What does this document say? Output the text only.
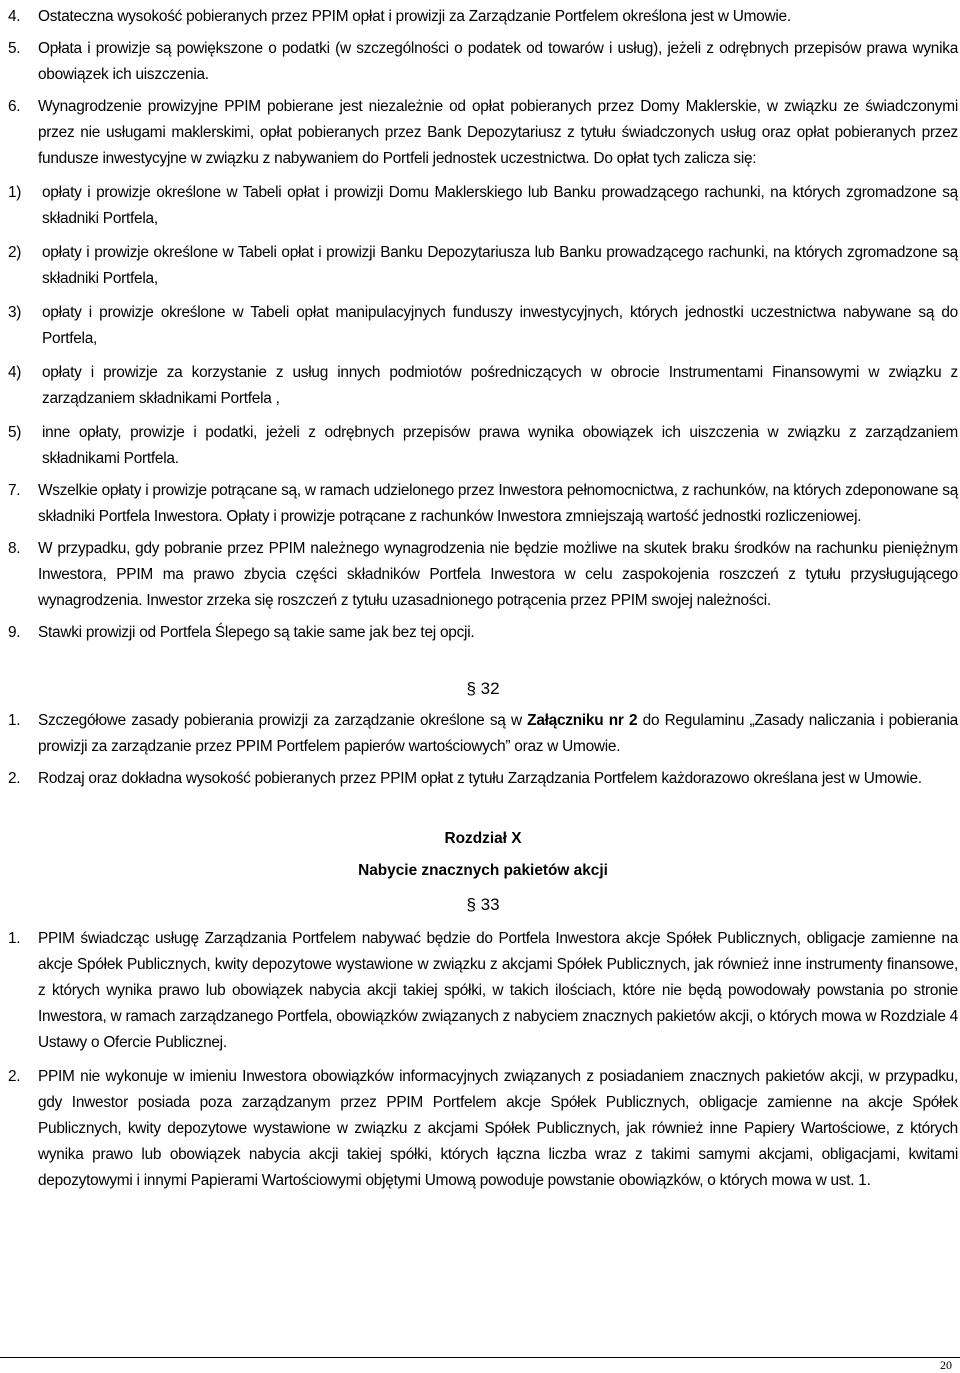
4.	Ostateczna wysokość pobieranych przez PPIM opłat i prowizji za Zarządzanie Portfelem określona jest w Umowie.
5.	Opłata i prowizje są powiększone o podatki (w szczególności o podatek od towarów i usług), jeżeli z odrębnych przepisów prawa wynika obowiązek ich uiszczenia.
6.	Wynagrodzenie prowizyjne PPIM pobierane jest niezależnie od opłat pobieranych przez Domy Maklerskie, w związku ze świadczonymi przez nie usługami maklerskimi, opłat pobieranych przez Bank Depozytariusz z tytułu świadczonych usług oraz opłat pobieranych przez fundusze inwestycyjne w związku z nabywaniem do Portfeli jednostek uczestnictwa. Do opłat tych zalicza się:
1)	opłaty i prowizje określone w Tabeli opłat i prowizji Domu Maklerskiego lub Banku prowadzącego rachunki, na których zgromadzone są składniki Portfela,
2)	opłaty i prowizje określone w Tabeli opłat i prowizji Banku Depozytariusza lub Banku prowadzącego rachunki, na których zgromadzone są składniki Portfela,
3)	opłaty i prowizje określone w Tabeli opłat manipulacyjnych funduszy inwestycyjnych, których jednostki uczestnictwa nabywane są do Portfela,
4)	opłaty i prowizje za korzystanie z usług innych podmiotów pośredniczących w obrocie Instrumentami Finansowymi w związku z zarządzaniem składnikami Portfela ,
5)	inne opłaty, prowizje i podatki, jeżeli z odrębnych przepisów prawa wynika obowiązek ich uiszczenia w związku z zarządzaniem składnikami Portfela.
7.	Wszelkie opłaty i prowizje potrącane są, w ramach udzielonego przez Inwestora pełnomocnictwa, z rachunków, na których zdeponowane są składniki Portfela Inwestora. Opłaty i prowizje potrącane z rachunków Inwestora zmniejszają wartość jednostki rozliczeniowej.
8.	W przypadku, gdy pobranie przez PPIM należnego wynagrodzenia nie będzie możliwe na skutek braku środków na rachunku pieniężnym Inwestora, PPIM ma prawo zbycia części składników Portfela Inwestora w celu zaspokojenia roszczeń z tytułu przysługującego wynagrodzenia. Inwestor zrzeka się roszczeń z tytułu uzasadnionego potrącenia przez PPIM swojej należności.
9.	Stawki prowizji od Portfela Ślepego są takie same jak bez tej opcji.
§ 32
1.	Szczegółowe zasady pobierania prowizji za zarządzanie określone są w Załączniku nr 2 do Regulaminu „Zasady naliczania i pobierania prowizji za zarządzanie przez PPIM Portfelem papierów wartościowych” oraz w Umowie.
2.	Rodzaj oraz dokładna wysokość pobieranych przez PPIM opłat z tytułu Zarządzania Portfelem każdorazowo określana jest w Umowie.
Rozdział X
Nabycie znacznych pakietów akcji
§ 33
1.	PPIM świadcząc usługę Zarządzania Portfelem nabywać będzie do Portfela Inwestora akcje Spółek Publicznych, obligacje zamienne na akcje Spółek Publicznych, kwity depozytowe wystawione w związku z akcjami Spółek Publicznych, jak również inne instrumenty finansowe, z których wynika prawo lub obowiązek nabycia akcji takiej spółki, w takich ilościach, które nie będą powodowały powstania po stronie Inwestora, w ramach zarządzanego Portfela, obowiązków związanych z nabyciem znacznych pakietów akcji, o których mowa w Rozdziale 4 Ustawy o Ofercie Publicznej.
2.	PPIM nie wykonuje w imieniu Inwestora obowiązków informacyjnych związanych z posiadaniem znacznych pakietów akcji, w przypadku, gdy Inwestor posiada poza zarządzanym przez PPIM Portfelem akcje Spółek Publicznych, obligacje zamienne na akcje Spółek Publicznych, kwity depozytowe wystawione w związku z akcjami Spółek Publicznych, jak również inne Papiery Wartościowe, z których wynika prawo lub obowiązek nabycia akcji takiej spółki, których łączna liczba wraz z takimi samymi akcjami, obligacjami, kwitami depozytowymi i innymi Papierami Wartościowymi objętymi Umową powoduje powstanie obowiązków, o których mowa w ust. 1.
20
